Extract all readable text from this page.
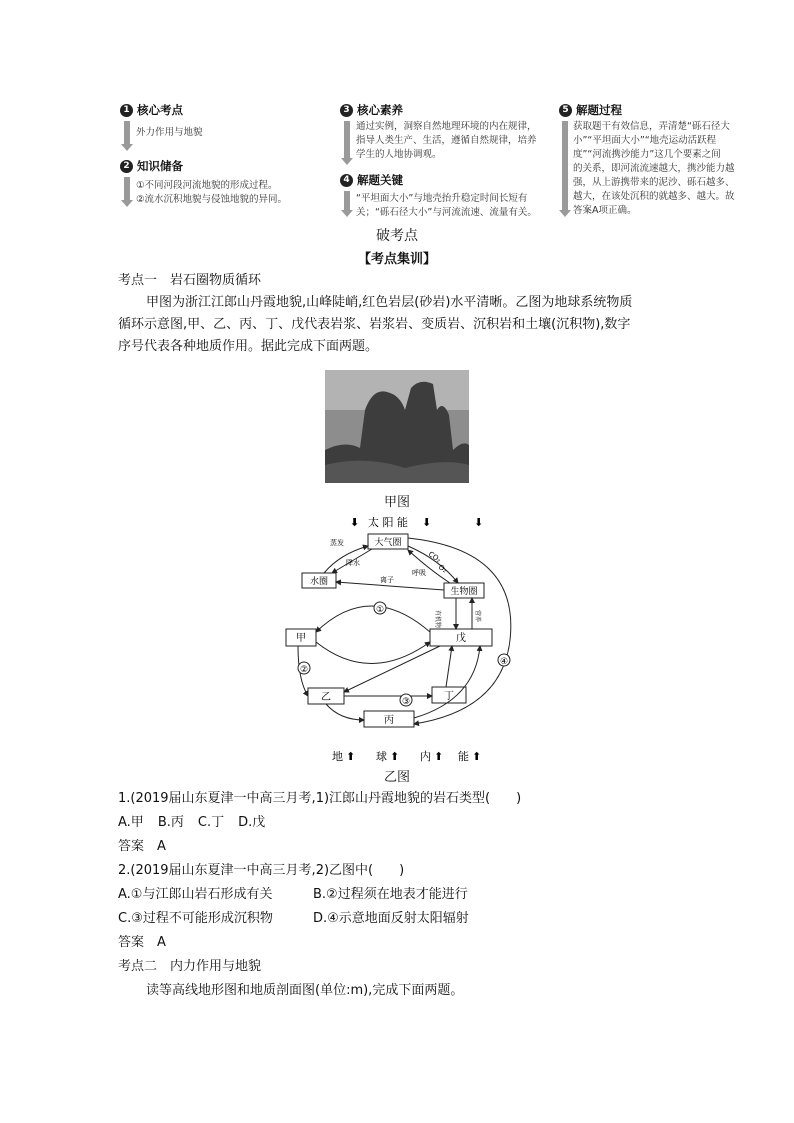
1 核心考点
外力作用与地貌
2 知识储备
①不同河段河流地貌的形成过程。
②流水沉积地貌与侵蚀地貌的异同。
3 核心素养
通过实例，洞察自然地理环境的内在规律，
指导人类生产、生活，遵循自然规律，培养
学生的人地协调观。
4 解题关键
“平坦面大小”与地壳抬升稳定时间长短有
关；“砾石径大小”与河流流速、流量有关。
5 解题过程
获取题干有效信息，弄清楚“砾石径大
小”“平坦面大小”“地壳运动活跃程
度”“河流携沙能力”这几个要素之间
的关系，即河流流速越大，携沙能力越
强，从上游携带来的泥沙、砾石越多、
越大，在该处沉积的就越多、越大。故
答案A项正确。
破考点
【考点集训】
考点一　岩石圈物质循环
甲图为浙江江郎山丹霞地貌,山峰陡峭,红色岩层(砂岩)水平清晰。乙图为地球系统物质
循环示意图,甲、乙、丙、丁、戊代表岩浆、岩浆岩、变质岩、沉积岩和土壤(沉积物),数字
序号代表各种地质作用。据此完成下面两题。
甲图
⬇ 太 阳 能 ⬇	⬇
大气圈
水圈
生物圈
甲	戊
乙	丁
丙
蒸发
降水	CO₂
O₂
呼吸
离子
有机物	营养
①
②
③
④
地 ⬆ 球 ⬆ 内 ⬆ 能 ⬆
乙图
1.(2019届山东夏津一中高三月考,1)江郎山丹霞地貌的岩石类型(　　)
A.甲 B.丙 C.丁 D.戊
答案　A
2.(2019届山东夏津一中高三月考,2)乙图中(　　)
A.①与江郎山岩石形成有关	B.②过程须在地表才能进行
C.③过程不可能形成沉积物	D.④示意地面反射太阳辐射
答案　A
考点二　内力作用与地貌
读等高线地形图和地质剖面图(单位:m),完成下面两题。
